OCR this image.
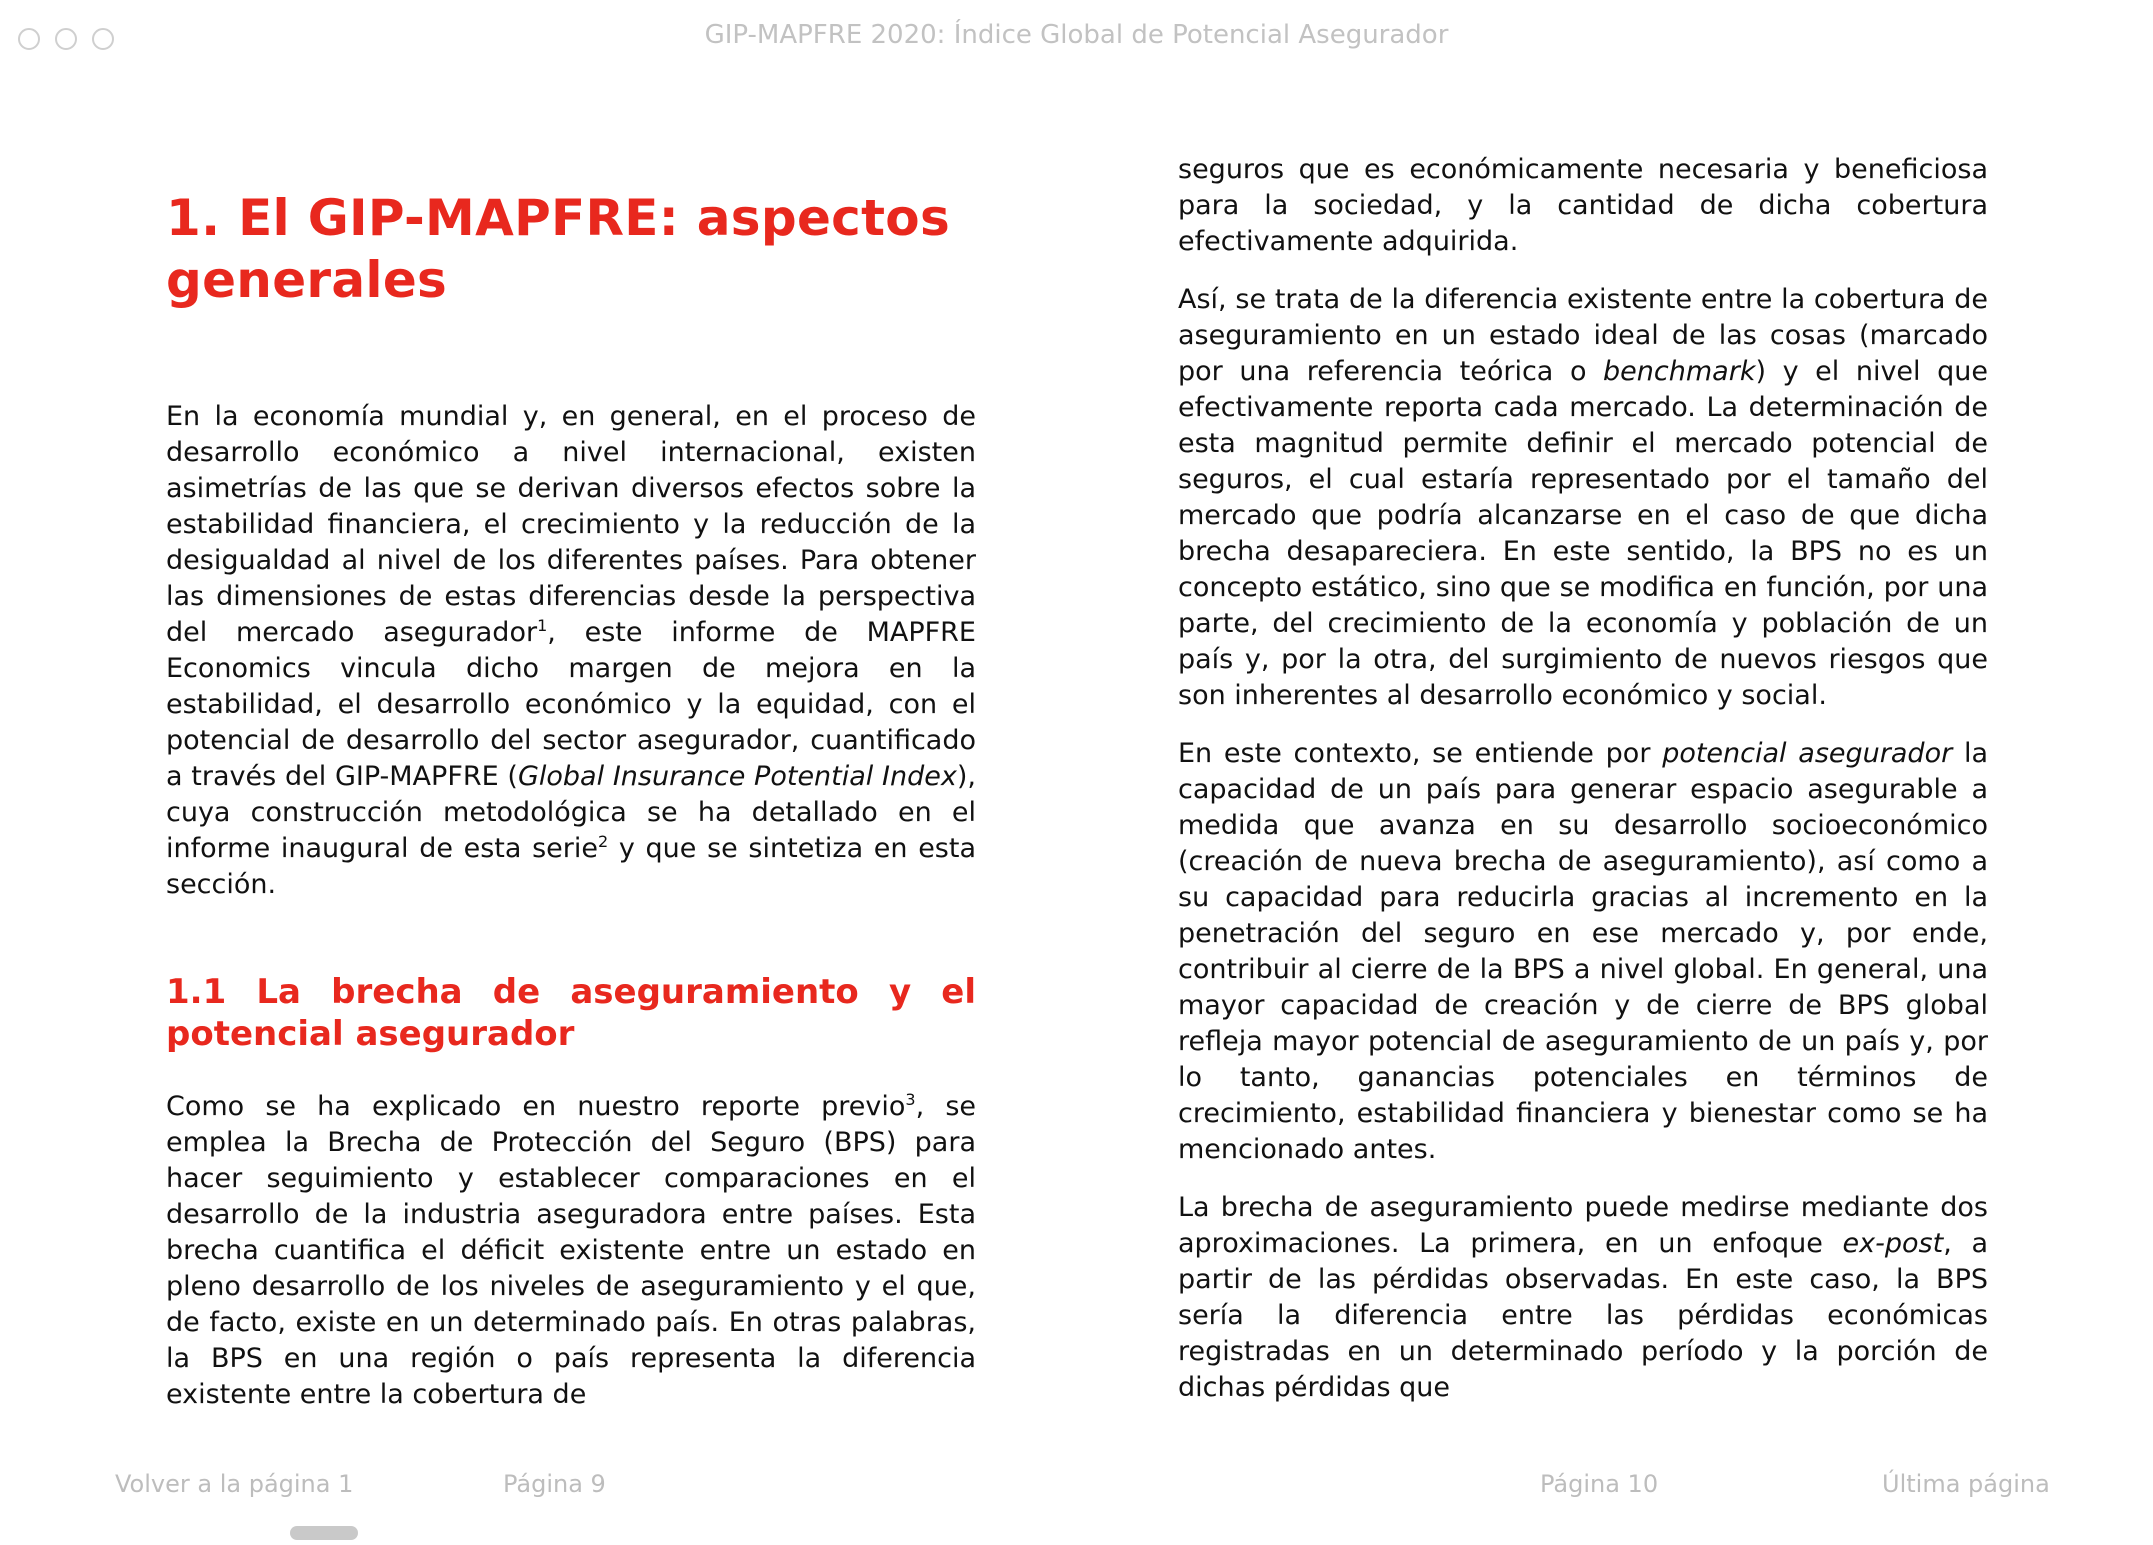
GIP-MAPFRE 2020: Índice Global de Potencial Asegurador
1. El GIP-MAPFRE: aspectos generales

En la economía mundial y, en general, en el proceso de desarrollo económico a nivel internacional, existen asimetrías de las que se derivan diversos efectos sobre la estabilidad financiera, el crecimiento y la reducción de la desigualdad al nivel de los diferentes países. Para obtener las dimensiones de estas diferencias desde la perspectiva del mercado asegurador$^1$, este informe de MAPFRE Economics vincula dicho margen de mejora en la estabilidad, el desarrollo económico y la equidad, con el potencial de desarrollo del sector asegurador, cuantificado a través del GIP-MAPFRE (Global Insurance Potential Index), cuya construcción metodológica se ha detallado en el informe inaugural de esta serie$^2$ y que se sintetiza en esta sección.

1.1 La brecha de aseguramiento y el potencial asegurador

Como se ha explicado en nuestro reporte previo$^3$, se emplea la Brecha de Protección del Seguro (BPS) para hacer seguimiento y establecer comparaciones en el desarrollo de la industria aseguradora entre países. Esta brecha cuantifica el déficit existente entre un estado en pleno desarrollo de los niveles de aseguramiento y el que, de facto, existe en un determinado país. En otras palabras, la BPS en una región o país representa la diferencia existente entre la cobertura de

seguros que es económicamente necesaria y beneficiosa para la sociedad, y la cantidad de dicha cobertura efectivamente adquirida.

Así, se trata de la diferencia existente entre la cobertura de aseguramiento en un estado ideal de las cosas (marcado por una referencia teórica o benchmark) y el nivel que efectivamente reporta cada mercado. La determinación de esta magnitud permite definir el mercado potencial de seguros, el cual estaría representado por el tamaño del mercado que podría alcanzarse en el caso de que dicha brecha desapareciera. En este sentido, la BPS no es un concepto estático, sino que se modifica en función, por una parte, del crecimiento de la economía y población de un país y, por la otra, del surgimiento de nuevos riesgos que son inherentes al desarrollo económico y social.

En este contexto, se entiende por potencial asegurador la capacidad de un país para generar espacio asegurable a medida que avanza en su desarrollo socioeconómico (creación de nueva brecha de aseguramiento), así como a su capacidad para reducirla gracias al incremento en la penetración del seguro en ese mercado y, por ende, contribuir al cierre de la BPS a nivel global. En general, una mayor capacidad de creación y de cierre de BPS global refleja mayor potencial de aseguramiento de un país y, por lo tanto, ganancias potenciales en términos de crecimiento, estabilidad financiera y bienestar como se ha mencionado antes.

La brecha de aseguramiento puede medirse mediante dos aproximaciones. La primera, en un enfoque ex-post, a partir de las pérdidas observadas. En este caso, la BPS sería la diferencia entre las pérdidas económicas registradas en un determinado período y la porción de dichas pérdidas que

Volver a la página 1	Página 9	Página 10	Última página
